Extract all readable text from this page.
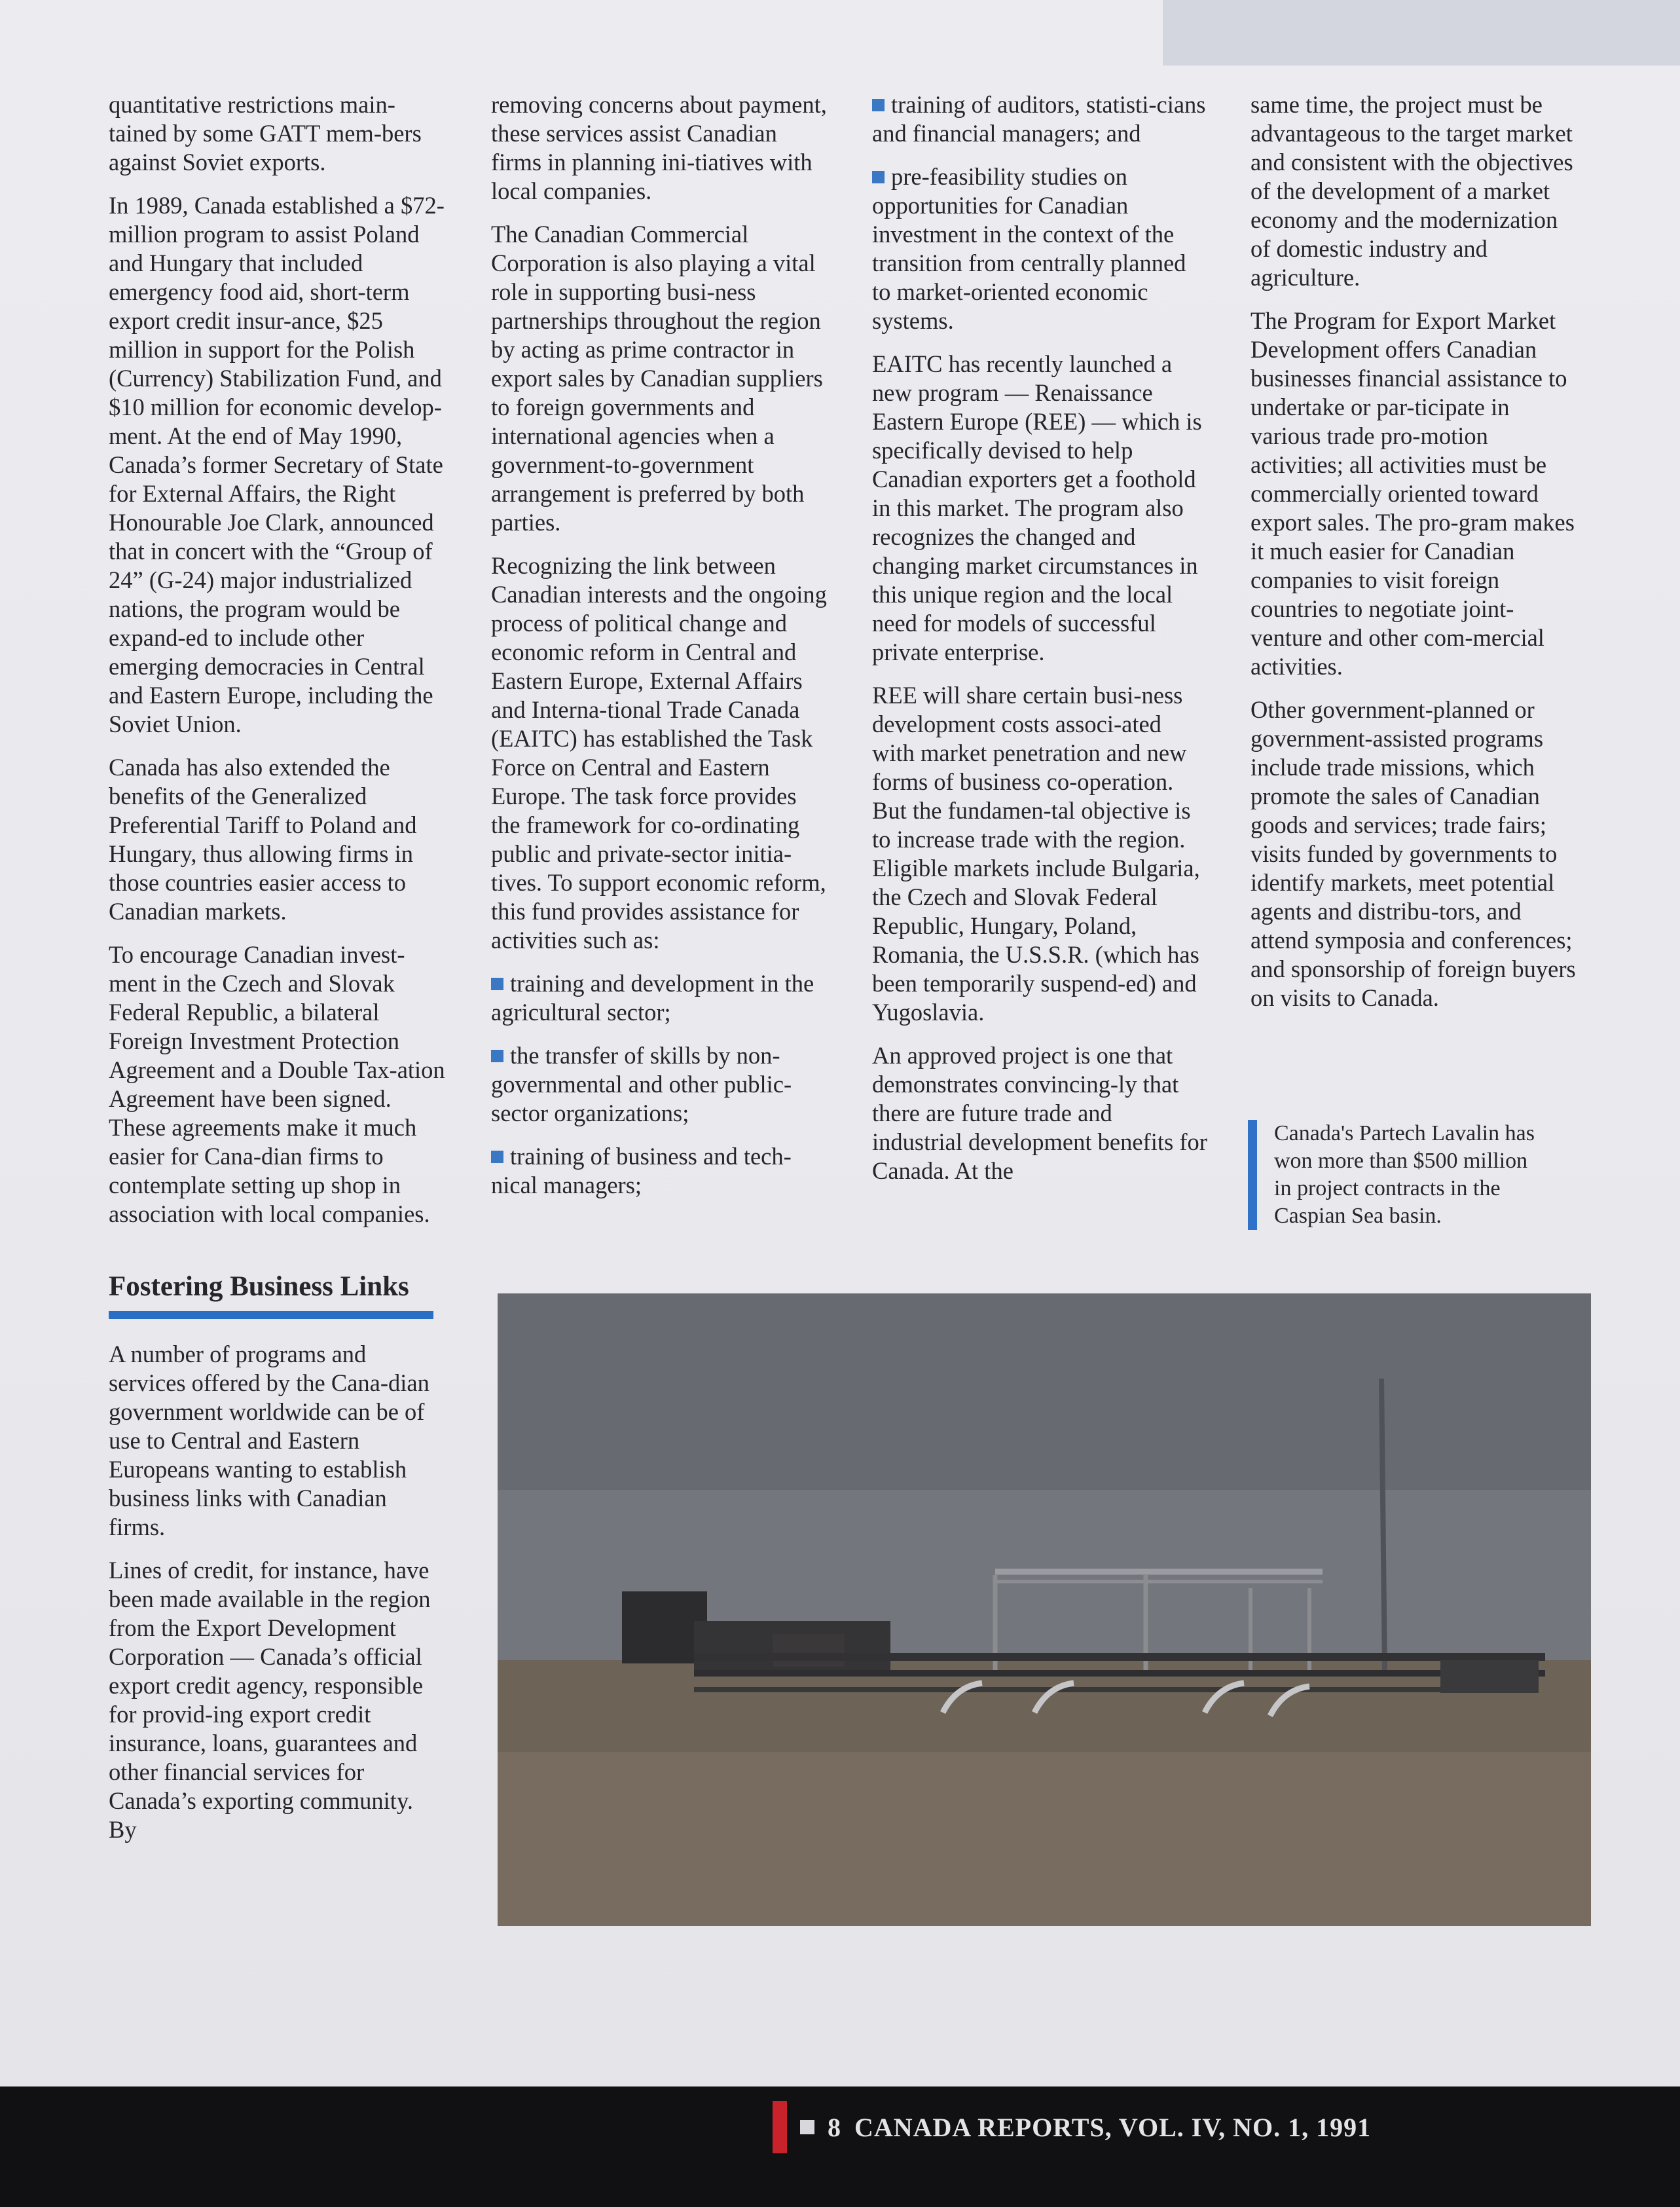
quantitative restrictions main-tained by some GATT mem-bers against Soviet exports.

In 1989, Canada established a $72-million program to assist Poland and Hungary that included emergency food aid, short-term export credit insur-ance, $25 million in support for the Polish (Currency) Stabilization Fund, and $10 million for economic develop-ment. At the end of May 1990, Canada’s former Secretary of State for External Affairs, the Right Honourable Joe Clark, announced that in concert with the “Group of 24” (G-24) major industrialized nations, the program would be expand-ed to include other emerging democracies in Central and Eastern Europe, including the Soviet Union.

Canada has also extended the benefits of the Generalized Preferential Tariff to Poland and Hungary, thus allowing firms in those countries easier access to Canadian markets.

To encourage Canadian invest-ment in the Czech and Slovak Federal Republic, a bilateral Foreign Investment Protection Agreement and a Double Tax-ation Agreement have been signed. These agreements make it much easier for Cana-dian firms to contemplate setting up shop in association with local companies.

Fostering Business Links

A number of programs and services offered by the Cana-dian government worldwide can be of use to Central and Eastern Europeans wanting to establish business links with Canadian firms.

Lines of credit, for instance, have been made available in the region from the Export Development Corporation — Canada’s official export credit agency, responsible for provid-ing export credit insurance, loans, guarantees and other financial services for Canada’s exporting community. By

removing concerns about payment, these services assist Canadian firms in planning ini-tiatives with local companies.

The Canadian Commercial Corporation is also playing a vital role in supporting busi-ness partnerships throughout the region by acting as prime contractor in export sales by Canadian suppliers to foreign governments and international agencies when a government-to-government arrangement is preferred by both parties.

Recognizing the link between Canadian interests and the ongoing process of political change and economic reform in Central and Eastern Europe, External Affairs and Interna-tional Trade Canada (EAITC) has established the Task Force on Central and Eastern Europe. The task force provides the framework for co-ordinating public and private-sector initia-tives. To support economic reform, this fund provides assistance for activities such as:

training and development in the agricultural sector;

the transfer of skills by non-governmental and other public-sector organizations;

training of business and tech-nical managers;

training of auditors, statisti-cians and financial managers; and

pre-feasibility studies on opportunities for Canadian investment in the context of the transition from centrally planned to market-oriented economic systems.

EAITC has recently launched a new program — Renaissance Eastern Europe (REE) — which is specifically devised to help Canadian exporters get a foothold in this market. The program also recognizes the changed and changing market circumstances in this unique region and the local need for models of successful private enterprise.

REE will share certain busi-ness development costs associ-ated with market penetration and new forms of business co-operation. But the fundamen-tal objective is to increase trade with the region. Eligible markets include Bulgaria, the Czech and Slovak Federal Republic, Hungary, Poland, Romania, the U.S.S.R. (which has been temporarily suspend-ed) and Yugoslavia.

An approved project is one that demonstrates convincing-ly that there are future trade and industrial development benefits for Canada. At the

same time, the project must be advantageous to the target market and consistent with the objectives of the development of a market economy and the modernization of domestic industry and agriculture.

The Program for Export Market Development offers Canadian businesses financial assistance to undertake or par-ticipate in various trade pro-motion activities; all activities must be commercially oriented toward export sales. The pro-gram makes it much easier for Canadian companies to visit foreign countries to negotiate joint-venture and other com-mercial activities.

Other government-planned or government-assisted programs include trade missions, which promote the sales of Canadian goods and services; trade fairs; visits funded by governments to identify markets, meet potential agents and distribu-tors, and attend symposia and conferences; and sponsorship of foreign buyers on visits to Canada.

Canada's Partech Lavalin has won more than $500 million in project contracts in the Caspian Sea basin.
8 CANADA REPORTS, VOL. IV, NO. 1, 1991
